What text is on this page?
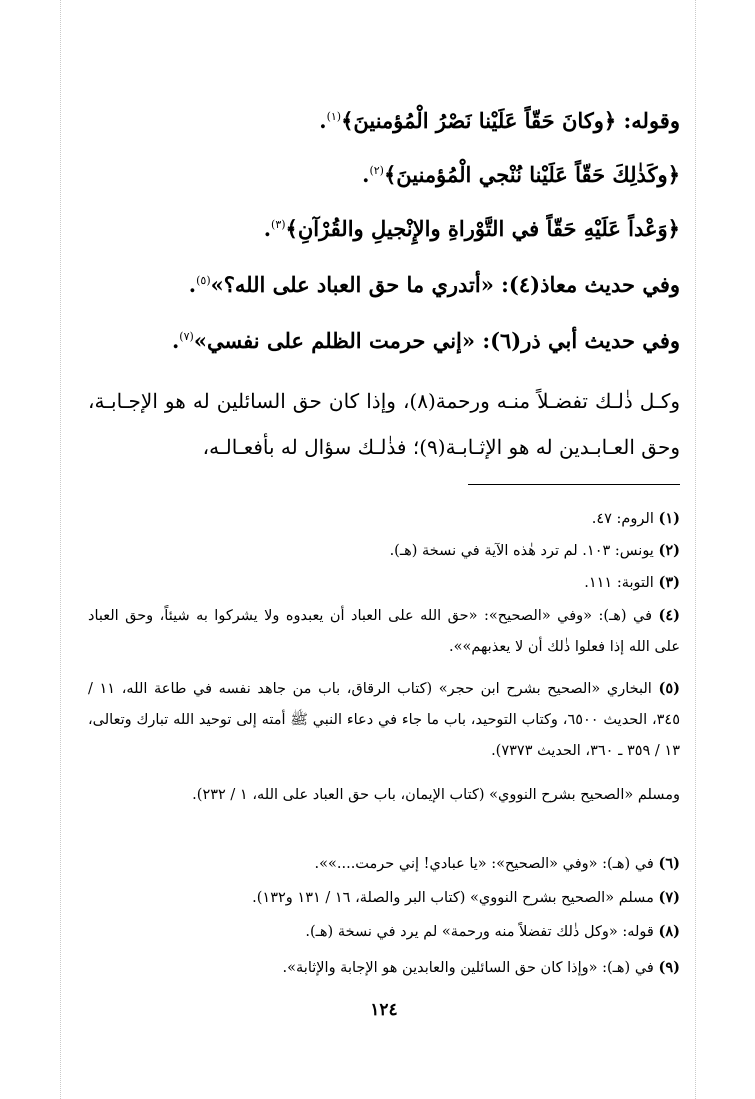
وقوله: ﴿وكانَ حَقّاً عَلَيْنا نَصْرُ الْمُؤمنينَ﴾$^{(١)}$.
﴿وكَذٰلِكَ حَقّاً عَلَيْنا نُنْجي الْمُؤمنينَ﴾$^{(٢)}$.
﴿وَعْداً عَلَيْهِ حَقّاً في التَّوْراةِ والإِنْجيلِ والقُرْآنِ﴾$^{(٣)}$.
وفي حديث معاذ(٤): «أتدري ما حق العباد على الله؟»$^{(٥)}$.
وفي حديث أبي ذر(٦): «إني حرمت الظلم على نفسي»$^{(٧)}$.
وكـل ذٰلـك تفضـلاً منـه ورحمة(٨)، وإذا كان حق السائلين له هو الإجـابـة، وحق العـابـدين له هو الإثـابـة(٩)؛ فذٰلـك سؤال له بأفعـالـه،
(١) الروم: ٤٧.
(٢) يونس: ١٠٣. لم ترد هٰذه الآية في نسخة (هـ).
(٣) التوبة: ١١١.
(٤) في (هـ): «وفي «الصحيح»: «حق الله على العباد أن يعبدوه ولا يشركوا به شيئاً، وحق العباد على الله إذا فعلوا ذٰلك أن لا يعذبهم»».
(٥) البخاري «الصحيح بشرح ابن حجر» (كتاب الرقاق، باب من جاهد نفسه في طاعة الله، ١١ / ٣٤٥، الحديث ٦٥٠٠، وكتاب التوحيد، باب ما جاء في دعاء النبي ﷺ أمته إلى توحيد الله تبارك وتعالى، ١٣ / ٣٥٩ ـ ٣٦٠، الحديث ٧٣٧٣).
ومسلم «الصحيح بشرح النووي» (كتاب الإيمان، باب حق العباد على الله، ١ / ٢٣٢).
(٦) في (هـ): «وفي «الصحيح»: «يا عبادي! إني حرمت....»».
(٧) مسلم «الصحيح بشرح النووي» (كتاب البر والصلة، ١٦ / ١٣١ و١٣٢).
(٨) قوله: «وكل ذٰلك تفضلاً منه ورحمة» لم يرد في نسخة (هـ).
(٩) في (هـ): «وإذا كان حق السائلين والعابدين هو الإجابة والإثابة».
١٢٤
